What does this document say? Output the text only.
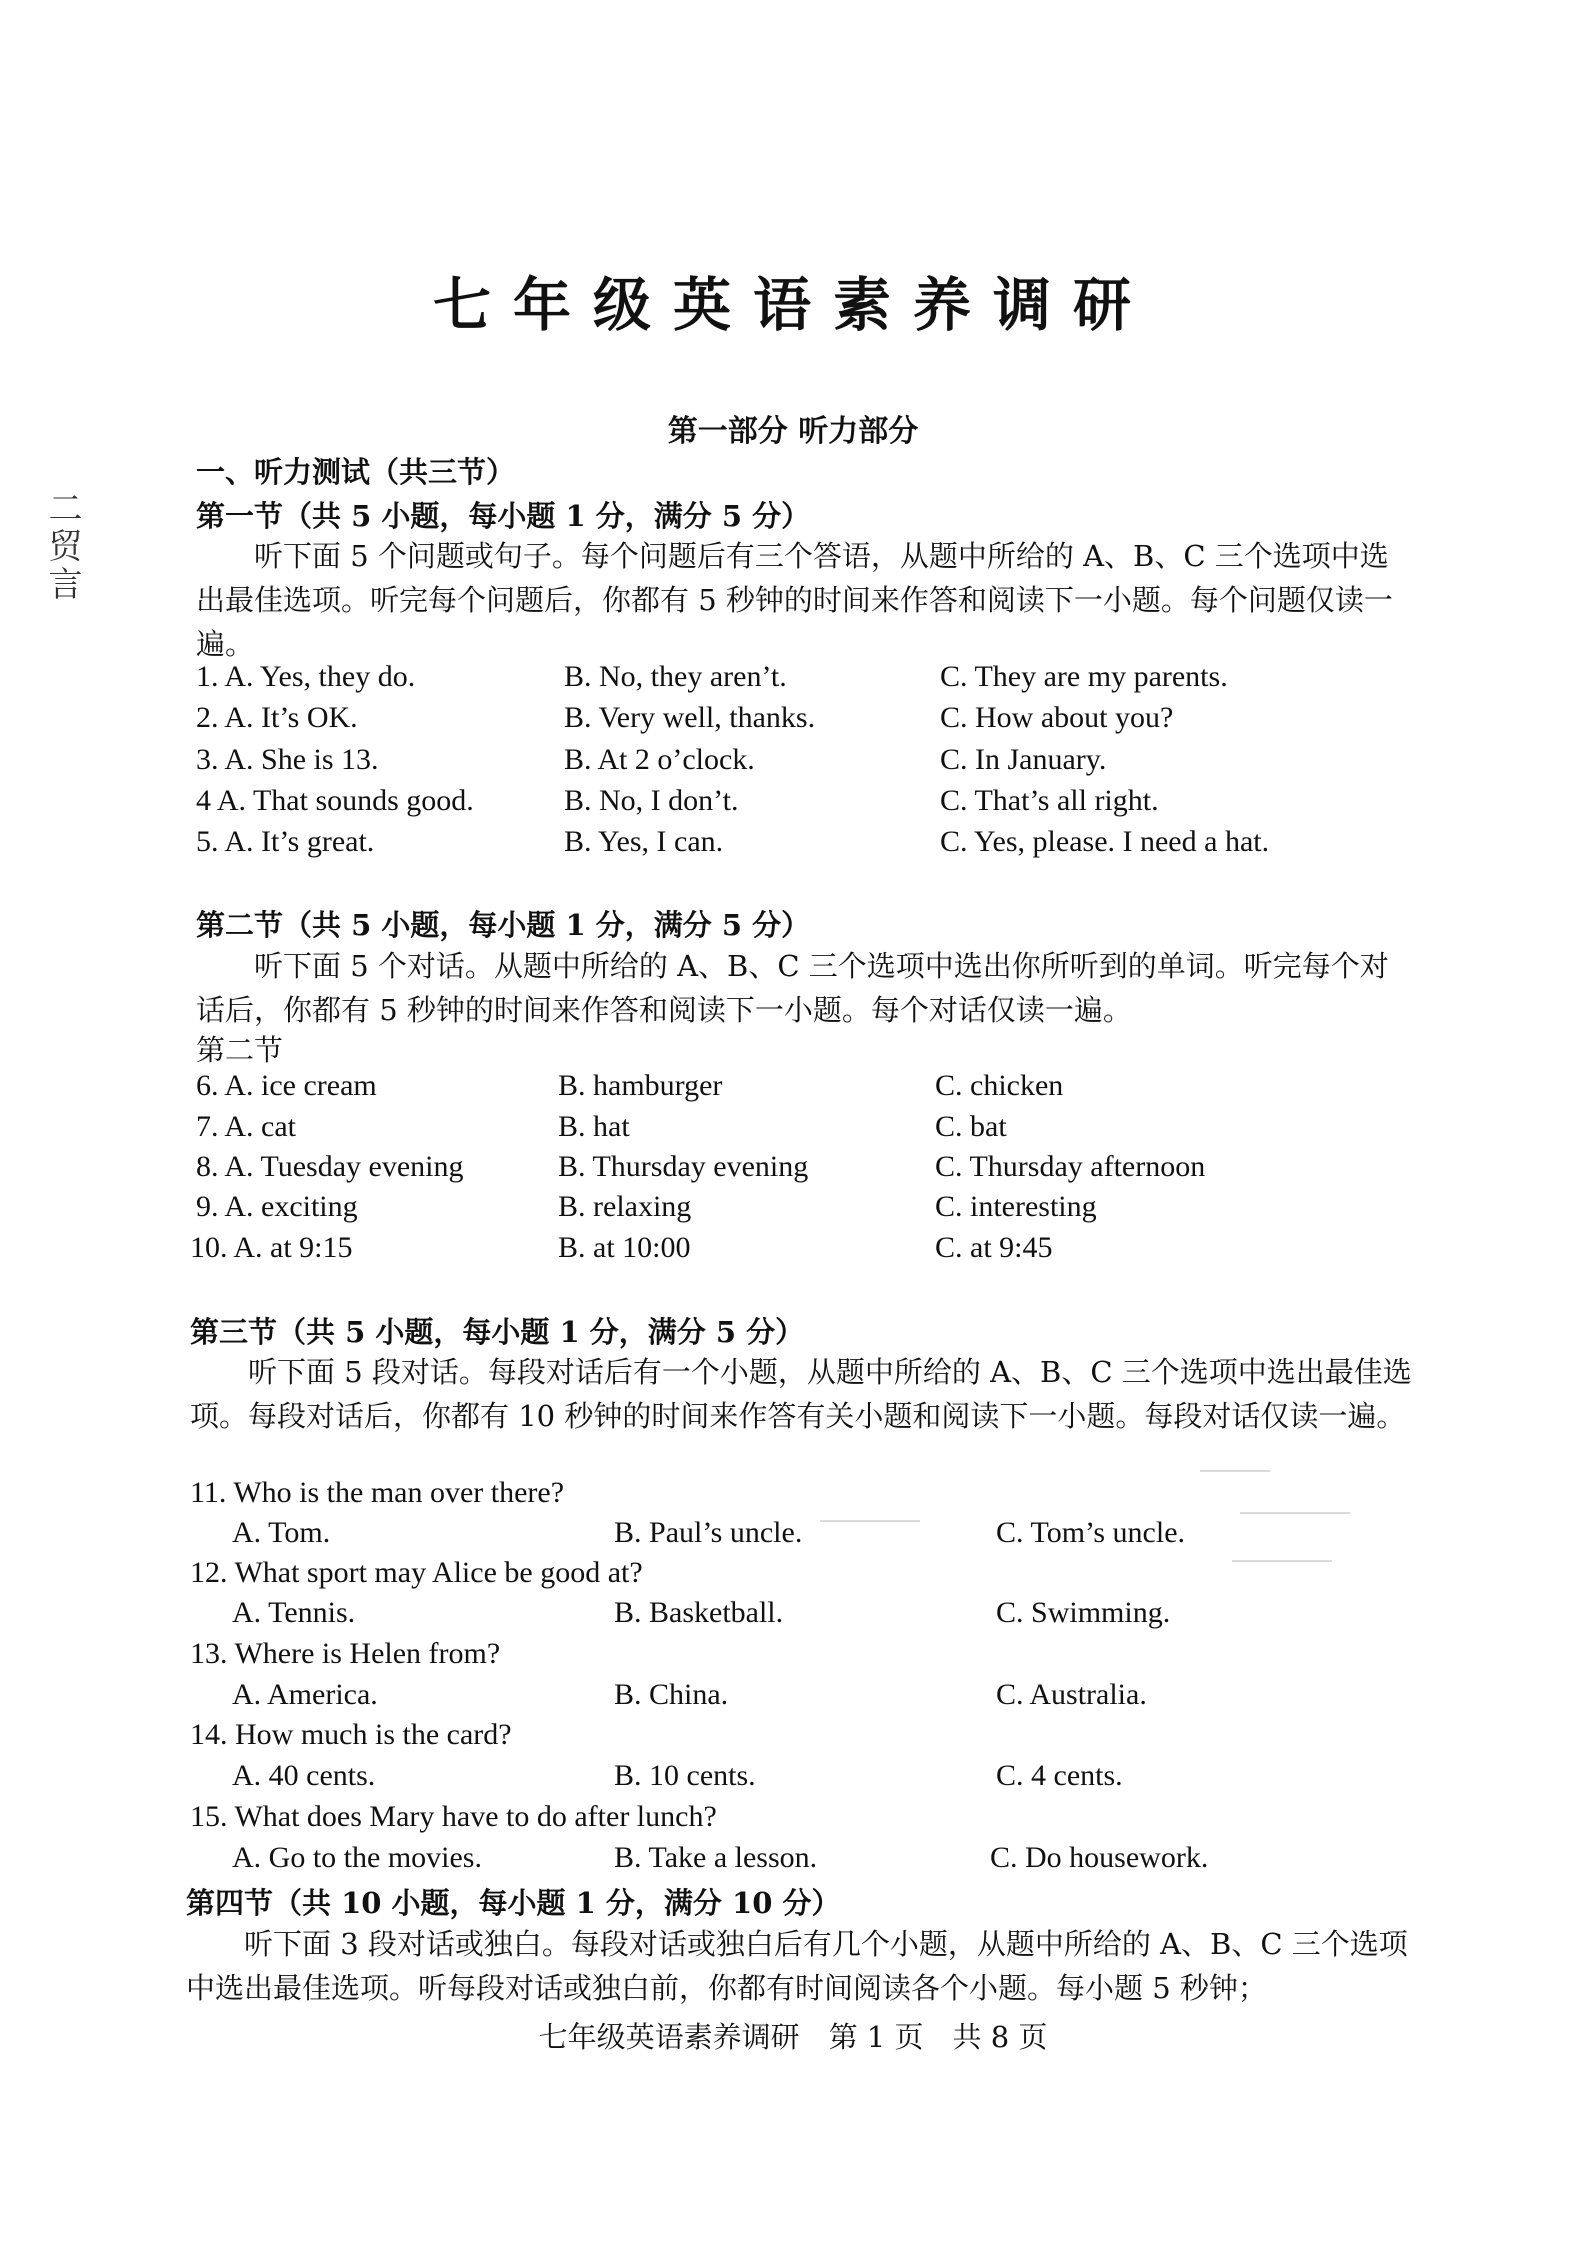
二贸言
七年级英语素养调研
第一部分 听力部分
一、听力测试（共三节）
第一节（共 5 小题，每小题 1 分，满分 5 分）

听下面 5 个问题或句子。每个问题后有三个答语，从题中所给的 A、B、C 三个选项中选出最佳选项。听完每个问题后，你都有 5 秒钟的时间来作答和阅读下一小题。每个问题仅读一遍。

1. A. Yes, they do.	B. No, they aren’t.	C. They are my parents.
2. A. It’s OK.	B. Very well, thanks.	C. How about you?
3. A. She is 13.	B. At 2 o’clock.	C. In January.
4 A. That sounds good.	B. No, I don’t.	C. That’s all right.
5. A. It’s great.	B. Yes, I can.	C. Yes, please. I need a hat.
第二节（共 5 小题，每小题 1 分，满分 5 分）

听下面 5 个对话。从题中所给的 A、B、C 三个选项中选出你所听到的单词。听完每个对话后，你都有 5 秒钟的时间来作答和阅读下一小题。每个对话仅读一遍。

第二节
6. A. ice cream	B. hamburger	C. chicken
7. A. cat	B. hat	C. bat
8. A. Tuesday evening	B. Thursday evening	C. Thursday afternoon
9. A. exciting	B. relaxing	C. interesting
10. A. at 9:15	B. at 10:00	C. at 9:45
第三节（共 5 小题，每小题 1 分，满分 5 分）

听下面 5 段对话。每段对话后有一个小题，从题中所给的 A、B、C 三个选项中选出最佳选项。每段对话后，你都有 10 秒钟的时间来作答有关小题和阅读下一小题。每段对话仅读一遍。

11. Who is the man over there?
A. Tom.	B. Paul’s uncle.	C. Tom’s uncle.
12. What sport may Alice be good at?
A. Tennis.	B. Basketball.	C. Swimming.
13. Where is Helen from?
A. America.	B. China.	C. Australia.
14. How much is the card?
A. 40 cents.	B. 10 cents.	C. 4 cents.
15. What does Mary have to do after lunch?
A. Go to the movies.	B. Take a lesson.	C. Do housework.
第四节（共 10 小题，每小题 1 分，满分 10 分）

听下面 3 段对话或独白。每段对话或独白后有几个小题，从题中所给的 A、B、C 三个选项中选出最佳选项。听每段对话或独白前，你都有时间阅读各个小题。每小题 5 秒钟；

七年级英语素养调研　第 1 页　共 8 页
